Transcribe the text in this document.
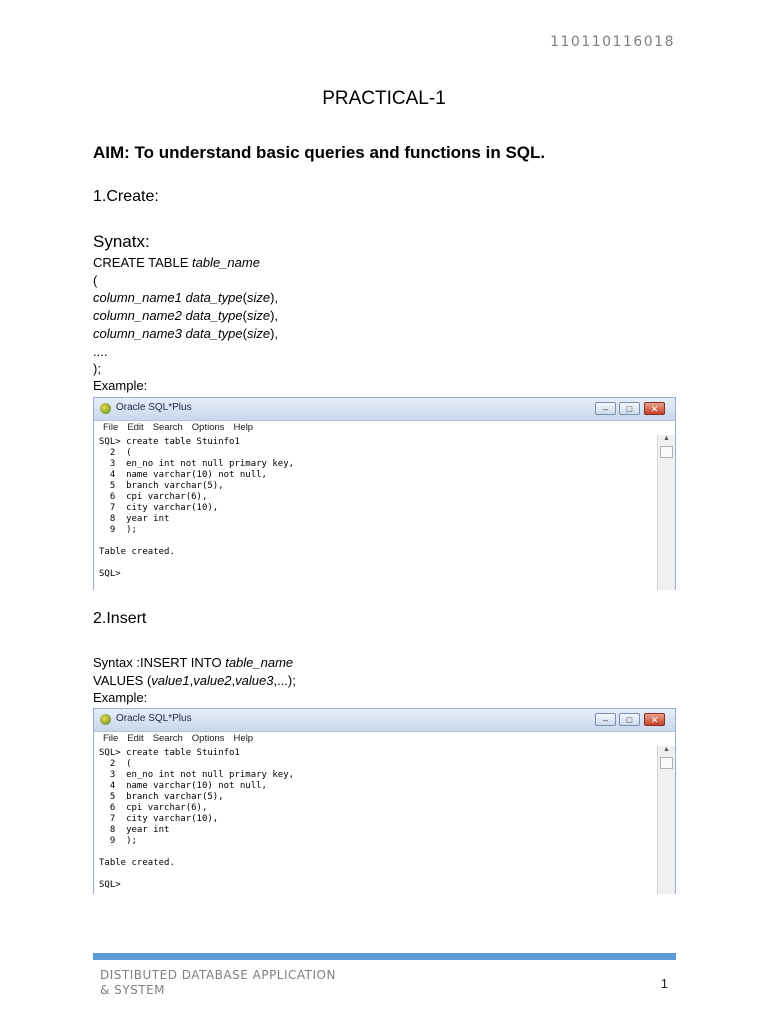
110110116018
PRACTICAL-1
AIM: To understand basic queries and functions in SQL.
1.Create:
Synatx:
CREATE TABLE table_name
(
column_name1 data_type(size),
column_name2 data_type(size),
column_name3 data_type(size),
....
);
Example:
Oracle SQL*Plus	–	□	✕
File Edit Search Options Help
SQL> create table Stuinfo1
2  (
3  en_no int not null primary key,
4  name varchar(10) not null,
5  branch varchar(5),
6  cpi varchar(6),
7  city varchar(10),
8  year int
9  );

Table created.

SQL>
▲
2.Insert
Syntax :INSERT INTO table_name
VALUES (value1,value2,value3,...);
Example:
Oracle SQL*Plus	–	□	✕
File Edit Search Options Help
SQL> create table Stuinfo1
2  (
3  en_no int not null primary key,
4  name varchar(10) not null,
5  branch varchar(5),
6  cpi varchar(6),
7  city varchar(10),
8  year int
9  );

Table created.

SQL>
▲
DISTIBUTED DATABASE APPLICATION
& SYSTEM	1
